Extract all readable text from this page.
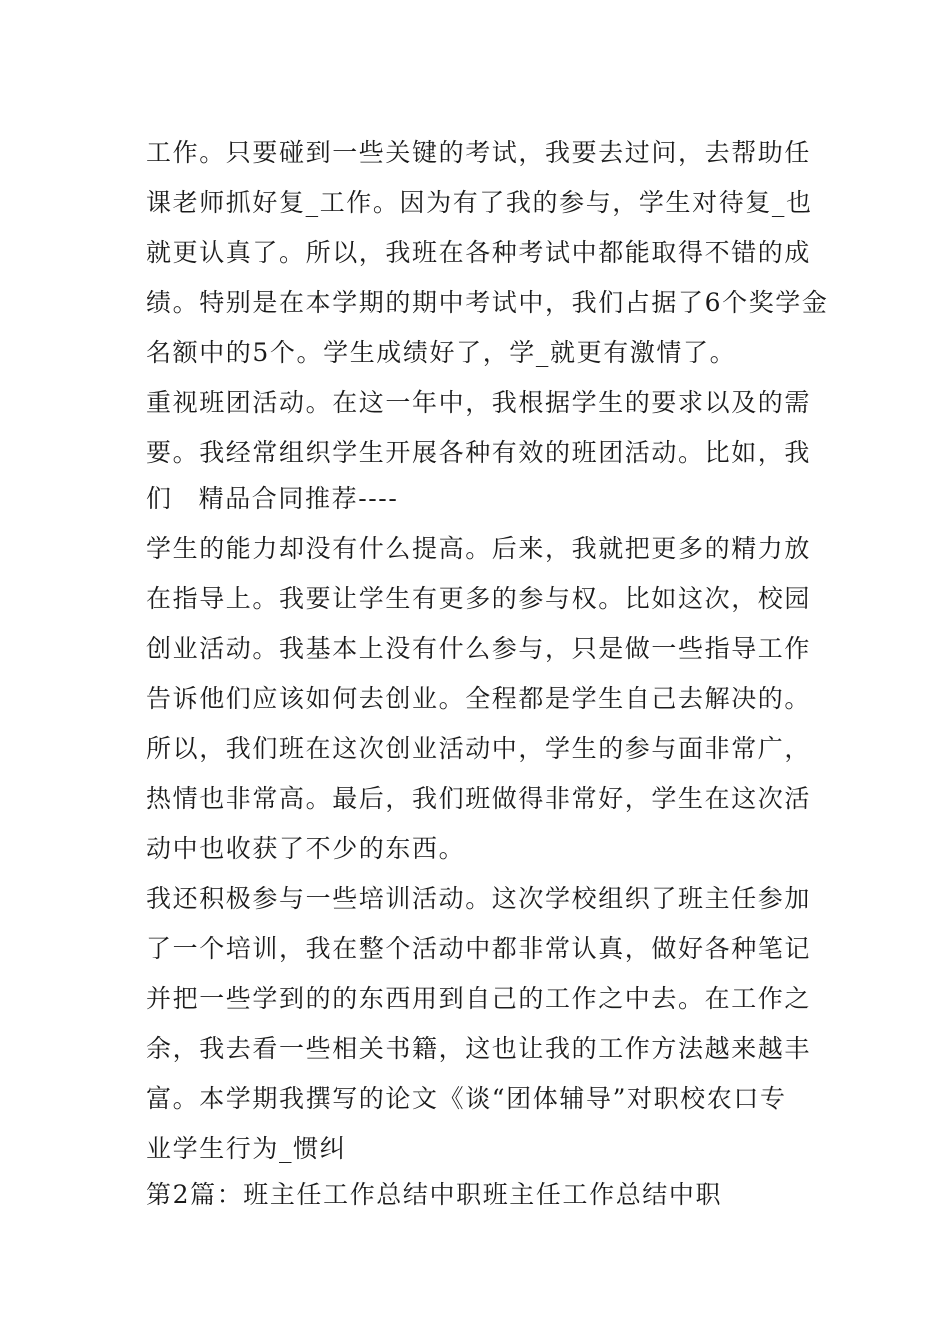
工作。只要碰到一些关键的考试，我要去过问，去帮助任
课老师抓好复_工作。因为有了我的参与，学生对待复_也
就更认真了。所以，我班在各种考试中都能取得不错的成
绩。特别是在本学期的期中考试中，我们占据了6个奖学金
名额中的5个。学生成绩好了，学_就更有激情了。
重视班团活动。在这一年中，我根据学生的要求以及的需
要。我经常组织学生开展各种有效的班团活动。比如，我
们 精品合同推荐----
学生的能力却没有什么提高。后来，我就把更多的精力放
在指导上。我要让学生有更多的参与权。比如这次，校园
创业活动。我基本上没有什么参与，只是做一些指导工作
告诉他们应该如何去创业。全程都是学生自己去解决的。
所以，我们班在这次创业活动中，学生的参与面非常广，
热情也非常高。最后，我们班做得非常好，学生在这次活
动中也收获了不少的东西。
我还积极参与一些培训活动。这次学校组织了班主任参加
了一个培训，我在整个活动中都非常认真，做好各种笔记
并把一些学到的的东西用到自己的工作之中去。在工作之
余，我去看一些相关书籍，这也让我的工作方法越来越丰
富。本学期我撰写的论文《谈“团体辅导”对职校农口专
业学生行为_惯纠
第2篇：班主任工作总结中职班主任工作总结中职
